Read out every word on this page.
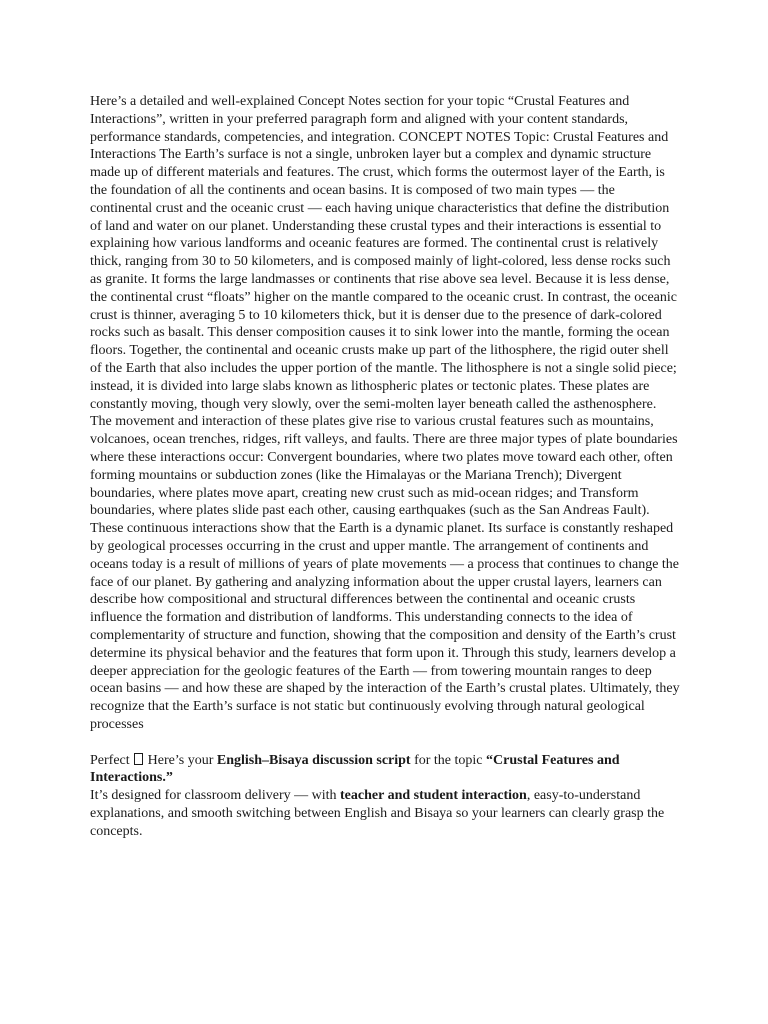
Here’s a detailed and well-explained Concept Notes section for your topic “Crustal Features and Interactions”, written in your preferred paragraph form and aligned with your content standards, performance standards, competencies, and integration. CONCEPT NOTES Topic: Crustal Features and Interactions The Earth’s surface is not a single, unbroken layer but a complex and dynamic structure made up of different materials and features. The crust, which forms the outermost layer of the Earth, is the foundation of all the continents and ocean basins. It is composed of two main types — the continental crust and the oceanic crust — each having unique characteristics that define the distribution of land and water on our planet. Understanding these crustal types and their interactions is essential to explaining how various landforms and oceanic features are formed. The continental crust is relatively thick, ranging from 30 to 50 kilometers, and is composed mainly of light-colored, less dense rocks such as granite. It forms the large landmasses or continents that rise above sea level. Because it is less dense, the continental crust “floats” higher on the mantle compared to the oceanic crust. In contrast, the oceanic crust is thinner, averaging 5 to 10 kilometers thick, but it is denser due to the presence of dark-colored rocks such as basalt. This denser composition causes it to sink lower into the mantle, forming the ocean floors. Together, the continental and oceanic crusts make up part of the lithosphere, the rigid outer shell of the Earth that also includes the upper portion of the mantle. The lithosphere is not a single solid piece; instead, it is divided into large slabs known as lithospheric plates or tectonic plates. These plates are constantly moving, though very slowly, over the semi-molten layer beneath called the asthenosphere. The movement and interaction of these plates give rise to various crustal features such as mountains, volcanoes, ocean trenches, ridges, rift valleys, and faults. There are three major types of plate boundaries where these interactions occur: Convergent boundaries, where two plates move toward each other, often forming mountains or subduction zones (like the Himalayas or the Mariana Trench); Divergent boundaries, where plates move apart, creating new crust such as mid-ocean ridges; and Transform boundaries, where plates slide past each other, causing earthquakes (such as the San Andreas Fault). These continuous interactions show that the Earth is a dynamic planet. Its surface is constantly reshaped by geological processes occurring in the crust and upper mantle. The arrangement of continents and oceans today is a result of millions of years of plate movements — a process that continues to change the face of our planet. By gathering and analyzing information about the upper crustal layers, learners can describe how compositional and structural differences between the continental and oceanic crusts influence the formation and distribution of landforms. This understanding connects to the idea of complementarity of structure and function, showing that the composition and density of the Earth’s crust determine its physical behavior and the features that form upon it. Through this study, learners develop a deeper appreciation for the geologic features of the Earth — from towering mountain ranges to deep ocean basins — and how these are shaped by the interaction of the Earth’s crustal plates. Ultimately, they recognize that the Earth’s surface is not static but continuously evolving through natural geological processes

Perfect Here’s your English–Bisaya discussion script for the topic “Crustal Features and Interactions.”

It’s designed for classroom delivery — with teacher and student interaction, easy-to-understand explanations, and smooth switching between English and Bisaya so your learners can clearly grasp the concepts.
